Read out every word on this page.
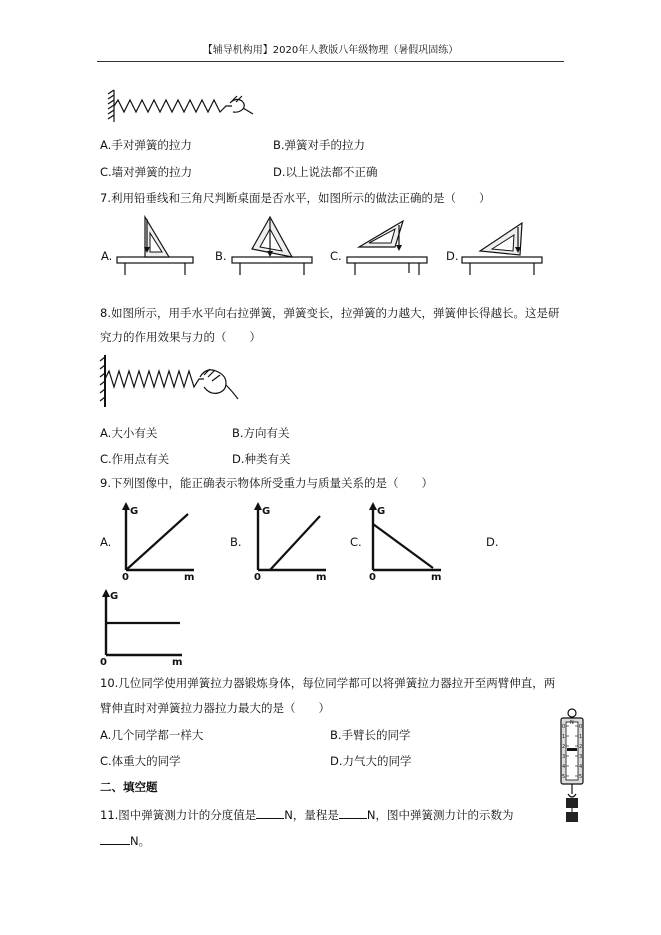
【辅导机构用】2020年人教版八年级物理（暑假巩固练）
A.手对弹簧的拉力	B.弹簧对手的拉力
C.墙对弹簧的拉力	D.以上说法都不正确
7.利用铅垂线和三角尺判断桌面是否水平，如图所示的做法正确的是（　　）
A.	B.	C.	D.
8.如图所示，用手水平向右拉弹簧，弹簧变长，拉弹簧的力越大，弹簧伸长得越长。这是研
究力的作用效果与力的（　　）
A.大小有关	B.方向有关
C.作用点有关	D.种类有关
9.下列图像中，能正确表示物体所受重力与质量关系的是（　　）
A.	B.	C.	D.
G
0	m
G
0	m
G
0	m
G
0	m
10.几位同学使用弹簧拉力器锻炼身体，每位同学都可以将弹簧拉力器拉开至两臂伸直，两
臂伸直时对弹簧拉力器拉力最大的是（　　）
A.几个同学都一样大	B.手臂长的同学
C.体重大的同学	D.力气大的同学
二、填空题
11.图中弹簧测力计的分度值是 N，量程是 N，图中弹簧测力计的示数为
N。
0
1
2
3
4
5
0
1
2
3
4
5
N
